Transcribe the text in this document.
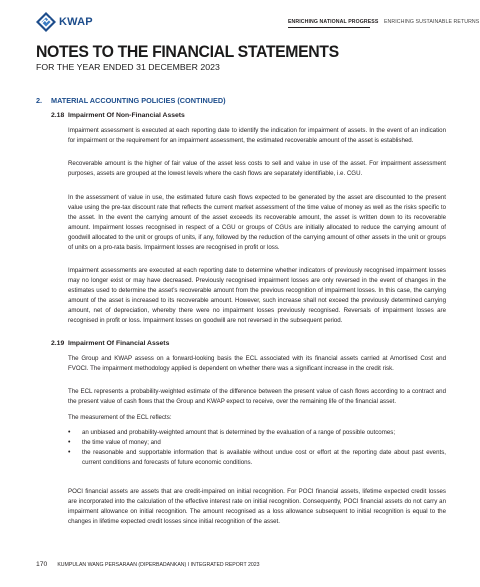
KWAP	ENRICHING NATIONAL PROGRESS ENRICHING SUSTAINABLE RETURNS
NOTES TO THE FINANCIAL STATEMENTS
FOR THE YEAR ENDED 31 DECEMBER 2023
2. MATERIAL ACCOUNTING POLICIES (CONTINUED)
2.18 Impairment Of Non-Financial Assets

Impairment assessment is executed at each reporting date to identify the indication for impairment of assets. In the event of an indication for impairment or the requirement for an impairment assessment, the estimated recoverable amount of the asset is established.

Recoverable amount is the higher of fair value of the asset less costs to sell and value in use of the asset. For impairment assessment purposes, assets are grouped at the lowest levels where the cash flows are separately identifiable, i.e. CGU.

In the assessment of value in use, the estimated future cash flows expected to be generated by the asset are discounted to the present value using the pre-tax discount rate that reflects the current market assessment of the time value of money as well as the risks specific to the asset. In the event the carrying amount of the asset exceeds its recoverable amount, the asset is written down to its recoverable amount. Impairment losses recognised in respect of a CGU or groups of CGUs are initially allocated to reduce the carrying amount of goodwill allocated to the unit or groups of units, if any, followed by the reduction of the carrying amount of other assets in the unit or groups of units on a pro-rata basis. Impairment losses are recognised in profit or loss.

Impairment assessments are executed at each reporting date to determine whether indicators of previously recognised impairment losses may no longer exist or may have decreased. Previously recognised impairment losses are only reversed in the event of changes in the estimates used to determine the asset’s recoverable amount from the previous recognition of impairment losses. In this case, the carrying amount of the asset is increased to its recoverable amount. However, such increase shall not exceed the previously determined carrying amount, net of depreciation, whereby there were no impairment losses previously recognised. Reversals of impairment losses are recognised in profit or loss. Impairment losses on goodwill are not reversed in the subsequent period.

2.19 Impairment Of Financial Assets

The Group and KWAP assess on a forward-looking basis the ECL associated with its financial assets carried at Amortised Cost and FVOCI. The impairment methodology applied is dependent on whether there was a significant increase in the credit risk.

The ECL represents a probability-weighted estimate of the difference between the present value of cash flows according to a contract and the present value of cash flows that the Group and KWAP expect to receive, over the remaining life of the financial asset.

The measurement of the ECL reflects:

• an unbiased and probability-weighted amount that is determined by the evaluation of a range of possible outcomes;
• the time value of money; and
• the reasonable and supportable information that is available without undue cost or effort at the reporting date about past events, current conditions and forecasts of future economic conditions.

POCI financial assets are assets that are credit-impaired on initial recognition. For POCI financial assets, lifetime expected credit losses are incorporated into the calculation of the effective interest rate on initial recognition. Consequently, POCI financial assets do not carry an impairment allowance on initial recognition. The amount recognised as a loss allowance subsequent to initial recognition is equal to the changes in lifetime expected credit losses since initial recognition of the asset.

170 KUMPULAN WANG PERSARAAN (DIPERBADANKAN) I INTEGRATED REPORT 2023
